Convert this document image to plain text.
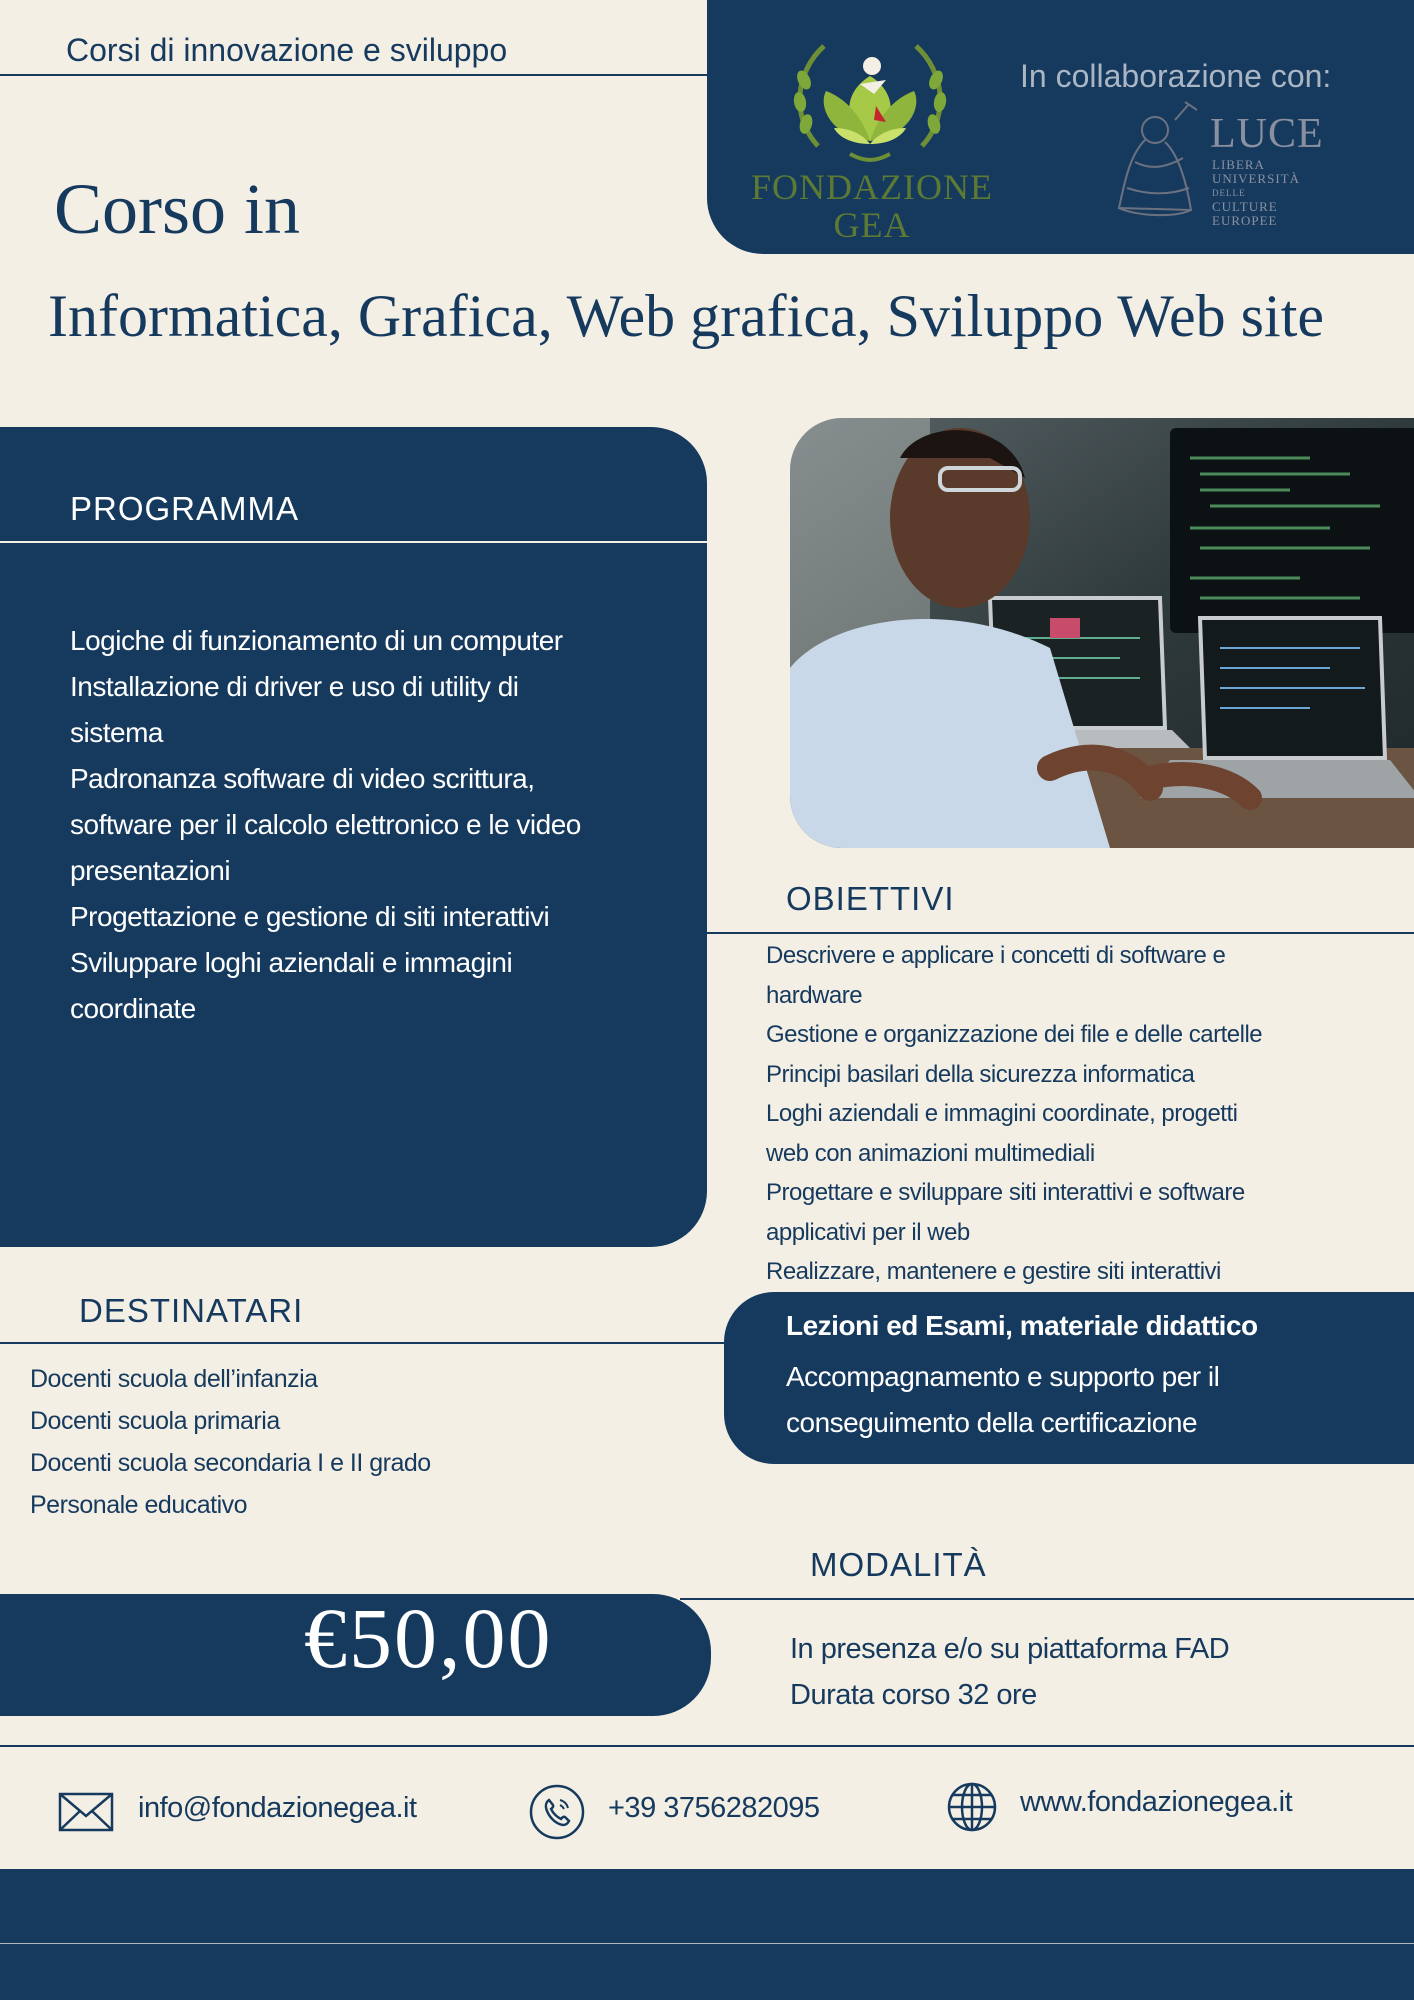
Corsi di innovazione e sviluppo
FONDAZIONE GEA
In collaborazione con:
LUCE
LIBERA
UNIVERSITÀ
DELLE
CULTURE
EUROPEE
Corso in
Informatica, Grafica, Web grafica, Sviluppo Web site
PROGRAMMA
Logiche di funzionamento di un computer
Installazione di driver e uso di utility di
sistema
Padronanza software di video scrittura,
software per il calcolo elettronico e le video
presentazioni
Progettazione e gestione di siti interattivi
Sviluppare loghi aziendali e immagini
coordinate
OBIETTIVI
Descrivere e applicare i concetti di software e
hardware
Gestione e organizzazione dei file e delle cartelle
Principi basilari della sicurezza informatica
Loghi aziendali e immagini coordinate, progetti
web con animazioni multimediali
Progettare e sviluppare siti interattivi e software
applicativi per il web
Realizzare, mantenere e gestire siti interattivi
DESTINATARI
Docenti scuola dell’infanzia
Docenti scuola primaria
Docenti scuola secondaria I e II grado
Personale educativo
Lezioni ed Esami, materiale didattico
Accompagnamento e supporto per il conseguimento della certificazione
MODALITÀ
€50,00	In presenza e/o su piattaforma FAD
Durata corso 32 ore
info@fondazionegea.it	+39 3756282095	www.fondazionegea.it
